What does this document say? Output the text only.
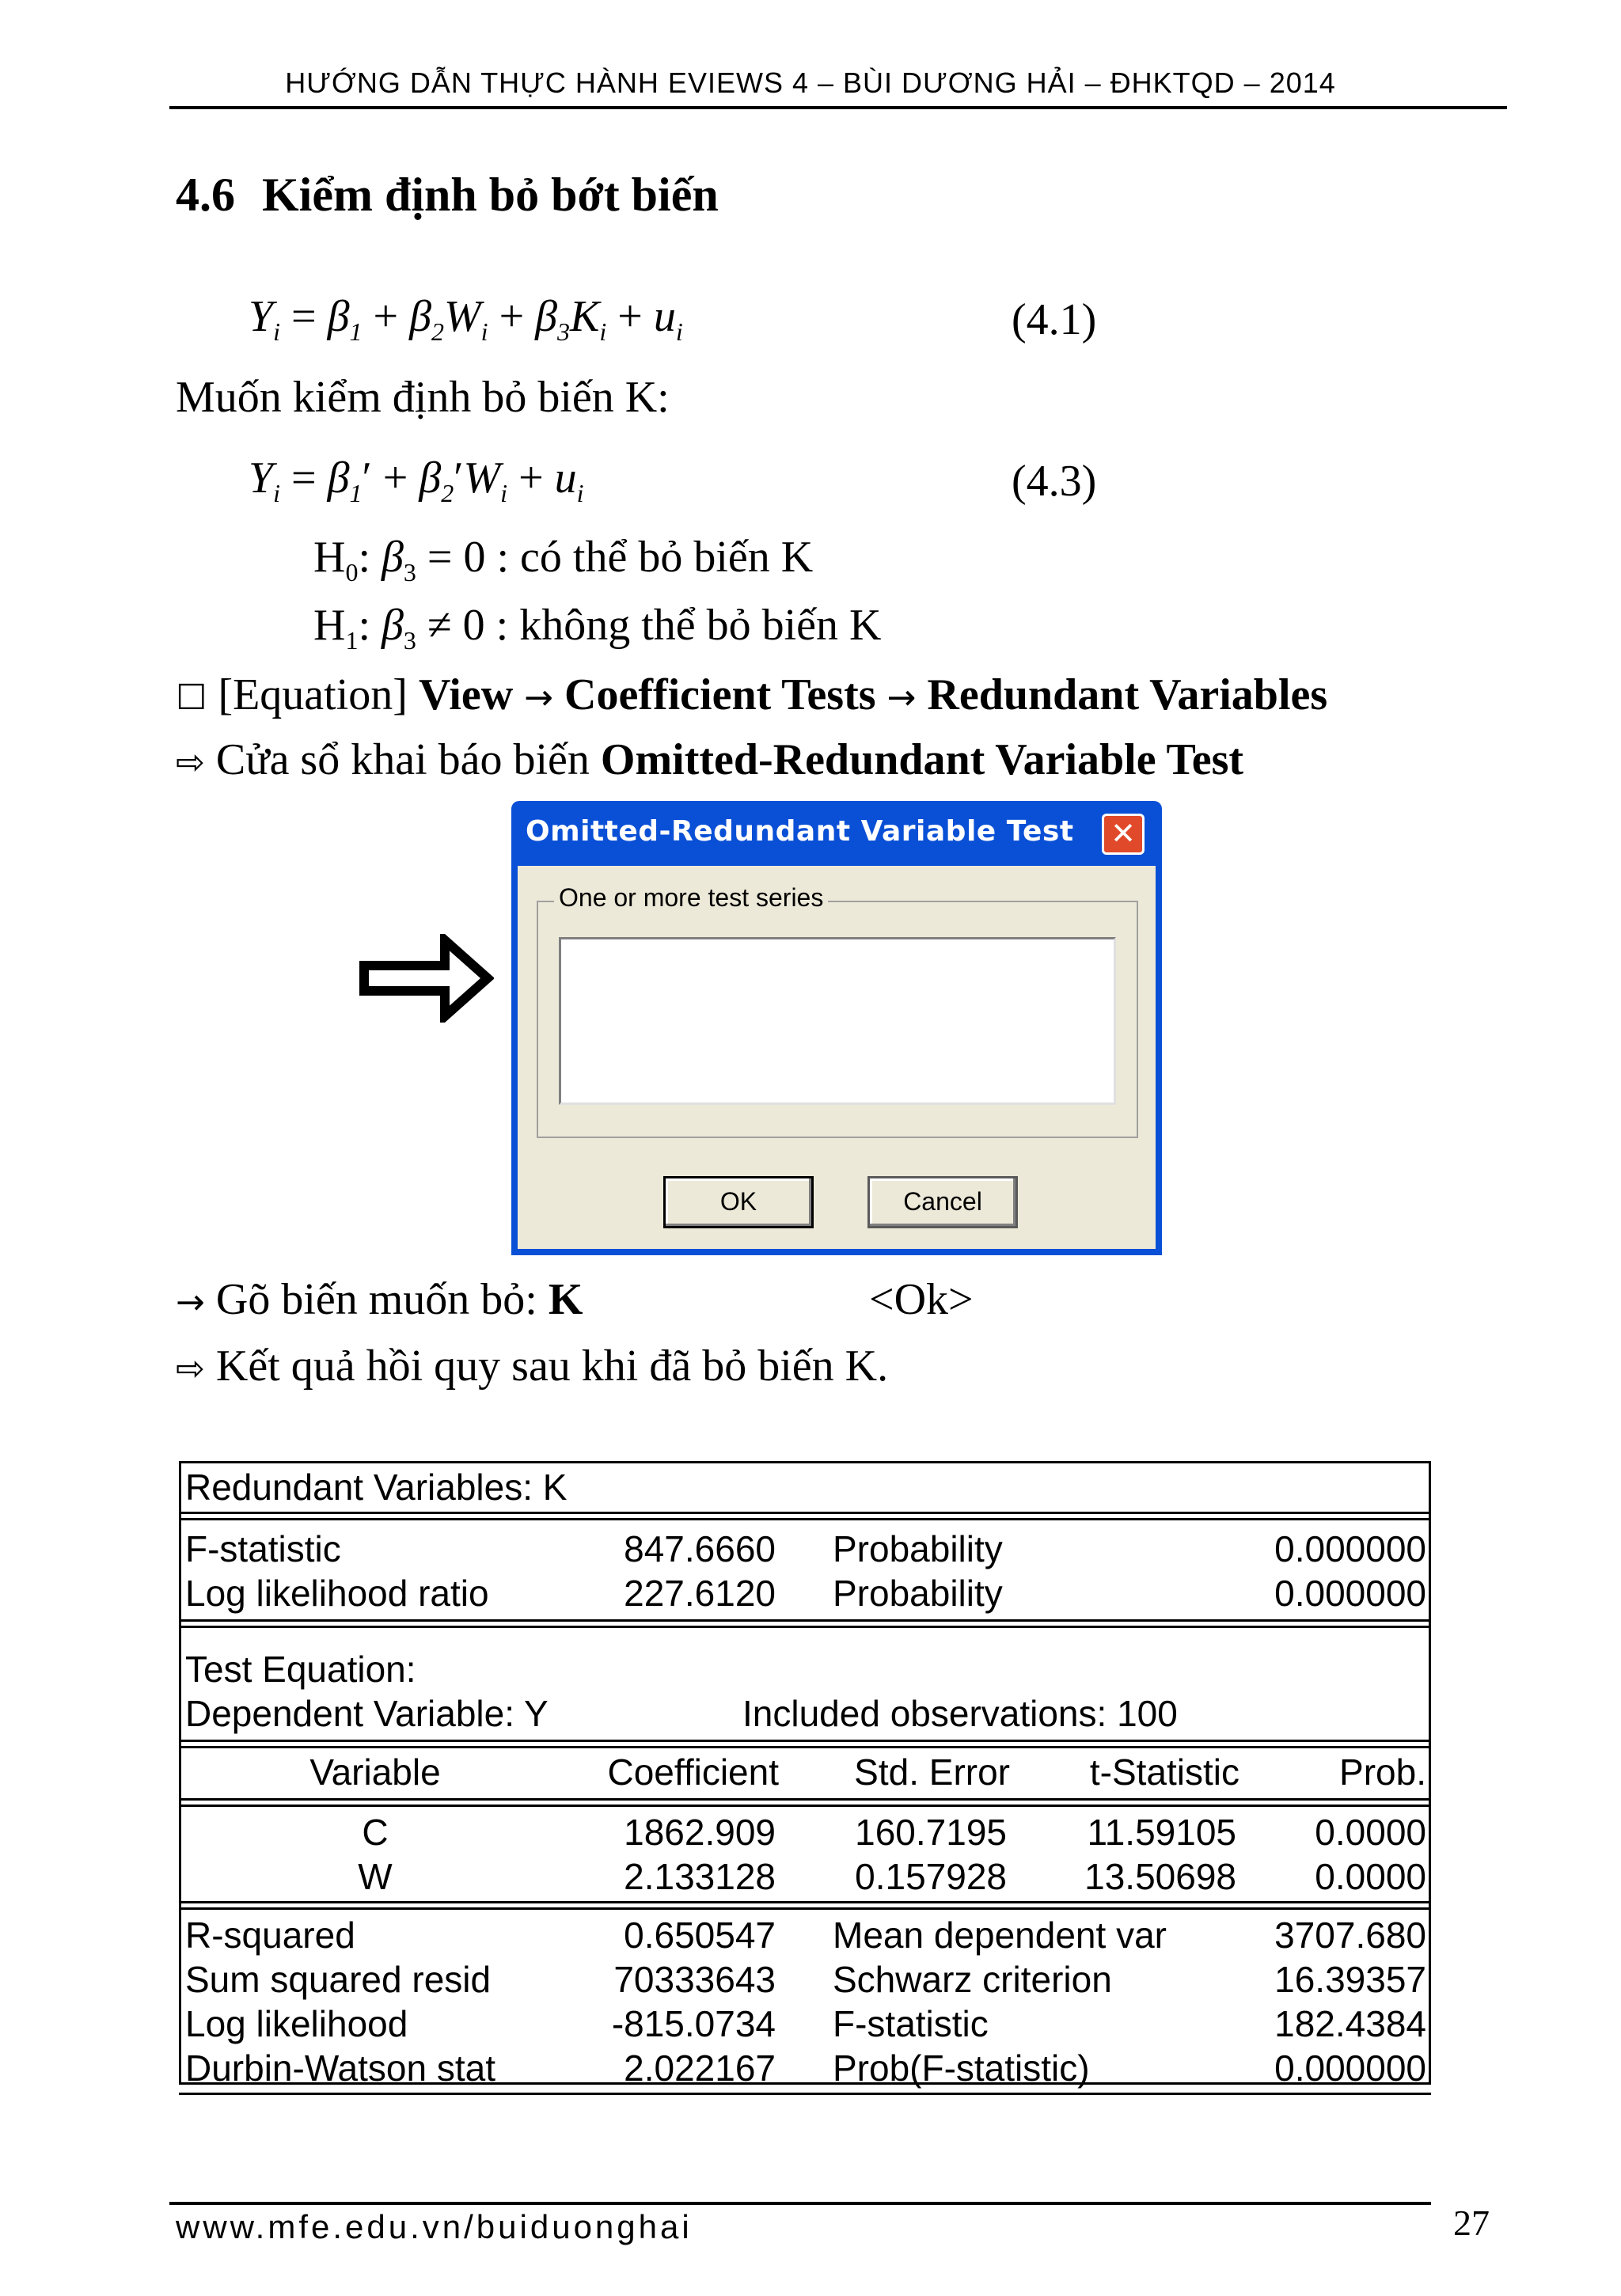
HƯỚNG DẪN THỰC HÀNH EVIEWS 4 – BÙI DƯƠNG HẢI – ĐHKTQD – 2014
4.6 Kiểm định bỏ bớt biến
$Y_i = \beta_1 + \beta_2W_i + \beta_3K_i + u_i$	(4.1)
Muốn kiểm định bỏ biến K:
$Y_i = \beta_1' + \beta_2'W_i + u_i$	(4.3)
$H_0$: $\beta_3 = 0$ : có thể bỏ biến K
$H_1$: $\beta_3 \ne 0$ : không thể bỏ biến K
☐ [Equation] View → Coefficient Tests → Redundant Variables
⇨ Cửa sổ khai báo biến Omitted-Redundant Variable Test
Omitted-Redundant Variable Test ✕
One or more test series
OK	Cancel
→ Gõ biến muốn bỏ: K	<Ok>
⇨ Kết quả hồi quy sau khi đã bỏ biến K.
Redundant Variables: K
F-statistic	847.6660 Probability	0.000000
Log likelihood ratio	227.6120 Probability	0.000000
Test Equation:
Dependent Variable: Y	Included observations: 100
Variable	Coefficient	Std. Error	t-Statistic	Prob.
C	1862.909	160.7195	11.59105	0.0000
W	2.133128	0.157928	13.50698	0.0000
R-squared	0.650547 Mean dependent var	3707.680
Sum squared resid	70333643 Schwarz criterion	16.39357
Log likelihood	-815.0734 F-statistic	182.4384
Durbin-Watson stat	2.022167 Prob(F-statistic)	0.000000
www.mfe.edu.vn/buiduonghai	27
